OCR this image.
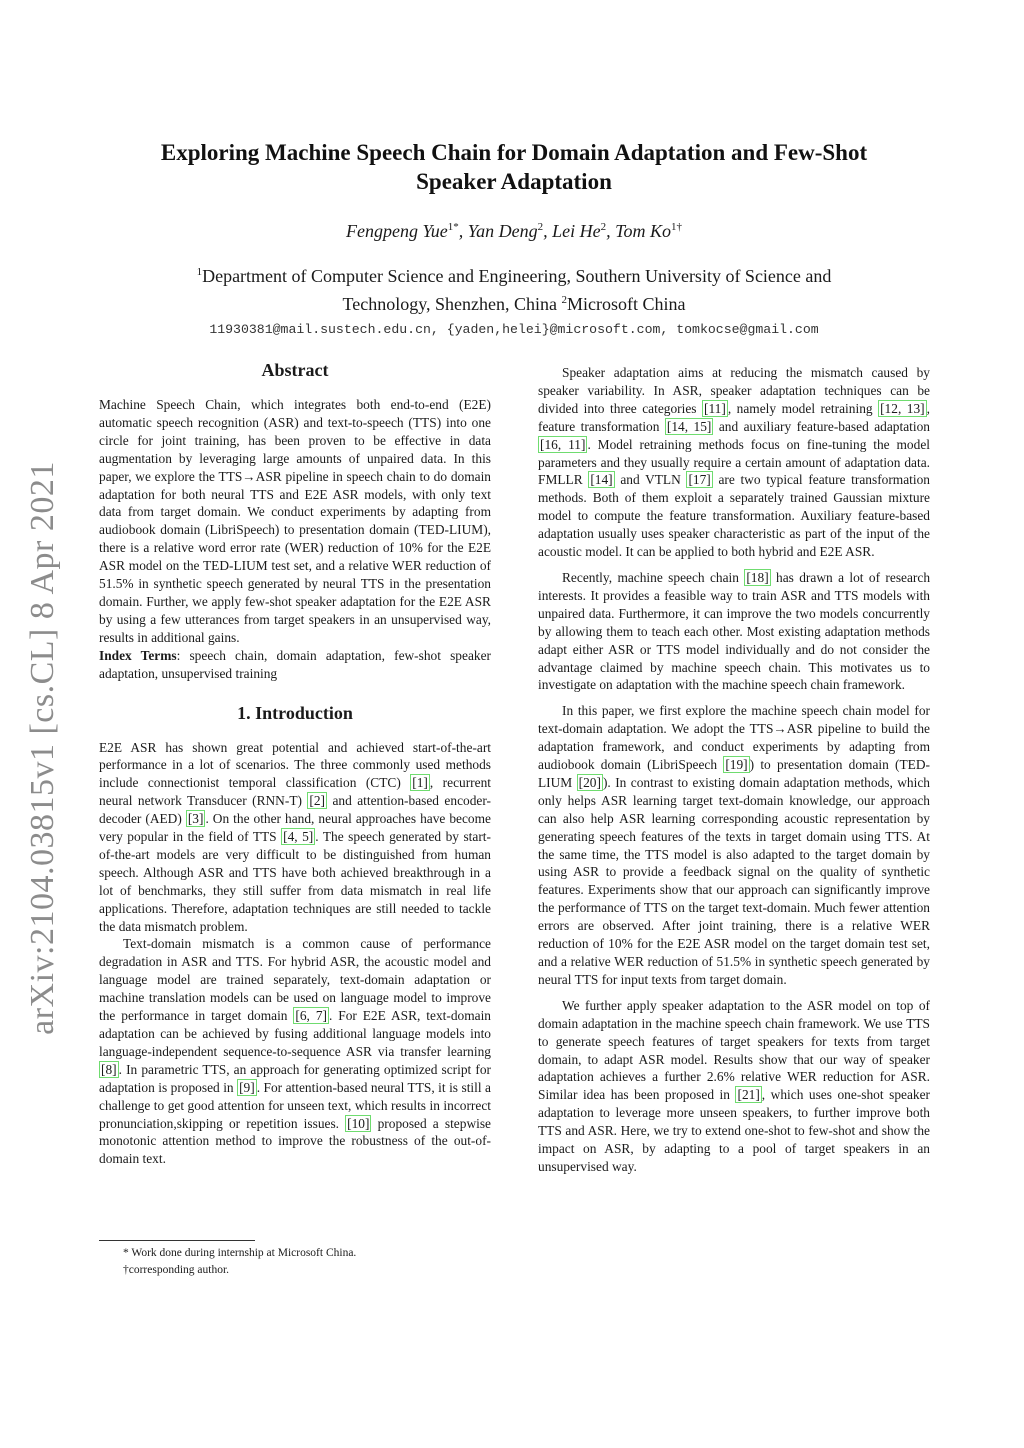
arXiv:2104.03815v1 [cs.CL] 8 Apr 2021
Exploring Machine Speech Chain for Domain Adaptation and Few-Shot
Speaker Adaptation
Fengpeng Yue$^{1*}$, Yan Deng$^2$, Lei He$^2$, Tom $Ko^{1\dagger}$
$^1$Department of Computer Science and Engineering, Southern University of Science and
Technology, Shenzhen, China $^2$Microsoft China
11930381@mail.sustech.edu.cn, {yaden,helei}@microsoft.com, tomkocse@gmail.com
Abstract

Machine Speech Chain, which integrates both end-to-end (E2E) automatic speech recognition (ASR) and text-to-speech (TTS) into one circle for joint training, has been proven to be effective in data augmentation by leveraging large amounts of unpaired data. In this paper, we explore the TTS→ASR pipeline in speech chain to do domain adaptation for both neural TTS and E2E ASR models, with only text data from target domain. We conduct experiments by adapting from audiobook domain (LibriSpeech) to presentation domain (TED-LIUM), there is a relative word error rate (WER) reduction of 10% for the E2E ASR model on the TED-LIUM test set, and a relative WER reduction of 51.5% in synthetic speech generated by neural TTS in the presentation domain. Further, we apply few-shot speaker adaptation for the E2E ASR by using a few utterances from target speakers in an unsupervised way, results in additional gains.

Index Terms: speech chain, domain adaptation, few-shot speaker adaptation, unsupervised training

1. Introduction

E2E ASR has shown great potential and achieved start-of-the-art performance in a lot of scenarios. The three commonly used methods include connectionist temporal classification (CTC) [1] , recurrent neural network Transducer (RNN-T) [2] and attention-based encoder-decoder (AED) [3] . On the other hand, neural approaches have become very popular in the field of TTS [4, 5] . The speech generated by start-of-the-art models are very difficult to be distinguished from human speech. Although ASR and TTS have both achieved breakthrough in a lot of benchmarks, they still suffer from data mismatch in real life applications. Therefore, adaptation techniques are still needed to tackle the data mismatch problem.

Text-domain mismatch is a common cause of performance degradation in ASR and TTS. For hybrid ASR, the acoustic model and language model are trained separately, text-domain adaptation or machine translation models can be used on language model to improve the performance in target domain [6, 7] . For E2E ASR, text-domain adaptation can be achieved by fusing additional language models into language-independent sequence-to-sequence ASR via transfer learning [8] . In parametric TTS, an approach for generating optimized script for adaptation is proposed in [9] . For attention-based neural TTS, it is still a challenge to get good attention for unseen text, which results in incorrect pronunciation,skipping or repetition issues. [10] proposed a stepwise monotonic attention method to improve the robustness of the out-of-domain text.

* Work done during internship at Microsoft China.
†corresponding author.

Speaker adaptation aims at reducing the mismatch caused by speaker variability. In ASR, speaker adaptation techniques can be divided into three categories [11] , namely model retraining [12, 13] , feature transformation [14, 15] and auxiliary feature-based adaptation [16, 11] . Model retraining methods focus on fine-tuning the model parameters and they usually require a certain amount of adaptation data. FMLLR [14] and VTLN [17] are two typical feature transformation methods. Both of them exploit a separately trained Gaussian mixture model to compute the feature transformation. Auxiliary feature-based adaptation usually uses speaker characteristic as part of the input of the acoustic model. It can be applied to both hybrid and E2E ASR.

Recently, machine speech chain [18] has drawn a lot of research interests. It provides a feasible way to train ASR and TTS models with unpaired data. Furthermore, it can improve the two models concurrently by allowing them to teach each other. Most existing adaptation methods adapt either ASR or TTS model individually and do not consider the advantage claimed by machine speech chain. This motivates us to investigate on adaptation with the machine speech chain framework.

In this paper, we first explore the machine speech chain model for text-domain adaptation. We adopt the TTS→ASR pipeline to build the adaptation framework, and conduct experiments by adapting from audiobook domain (LibriSpeech [19] ) to presentation domain (TED-LIUM [20] ). In contrast to existing domain adaptation methods, which only helps ASR learning target text-domain knowledge, our approach can also help ASR learning corresponding acoustic representation by generating speech features of the texts in target domain using TTS. At the same time, the TTS model is also adapted to the target domain by using ASR to provide a feedback signal on the quality of synthetic features. Experiments show that our approach can significantly improve the performance of TTS on the target text-domain. Much fewer attention errors are observed. After joint training, there is a relative WER reduction of 10% for the E2E ASR model on the target domain test set, and a relative WER reduction of 51.5% in synthetic speech generated by neural TTS for input texts from target domain.

We further apply speaker adaptation to the ASR model on top of domain adaptation in the machine speech chain framework. We use TTS to generate speech features of target speakers for texts from target domain, to adapt ASR model. Results show that our way of speaker adaptation achieves a further 2.6% relative WER reduction for ASR. Similar idea has been proposed in [21] , which uses one-shot speaker adaptation to leverage more unseen speakers, to further improve both TTS and ASR. Here, we try to extend one-shot to few-shot and show the impact on ASR, by adapting to a pool of target speakers in an unsupervised way.
